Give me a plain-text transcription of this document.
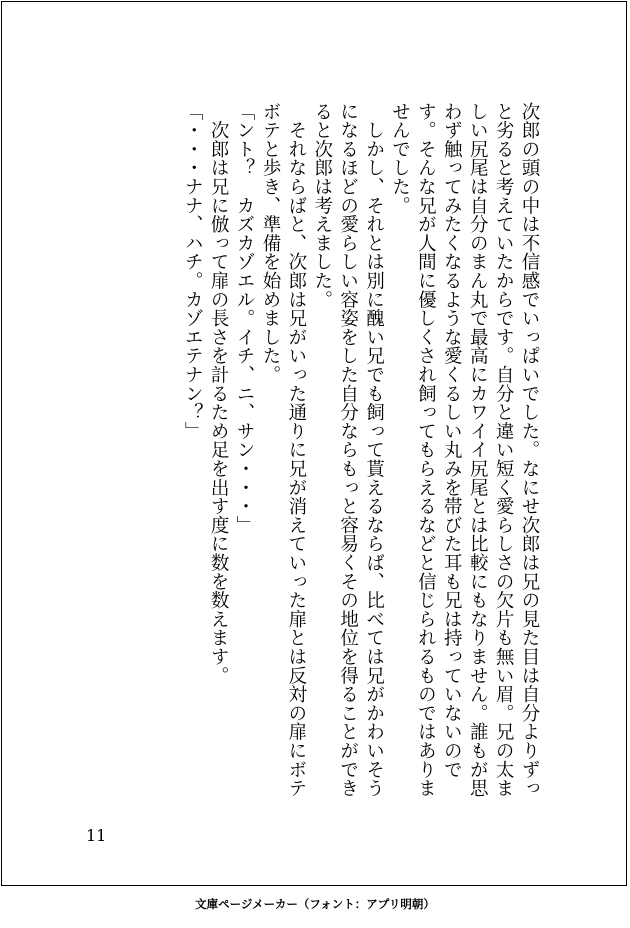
次郎の頭の中は不信感でいっぱいでした。なにせ次郎は兄の見た目は自分よりずっと劣ると考えていたからです。自分と違い短く愛らしさの欠片も無い眉。兄の太ましい尻尾は自分のまん丸で最高にカワイイ尻尾とは比較にもなりません。誰もが思わず触ってみたくなるような愛くるしい丸みを帯びた耳も兄は持っていないのです。そんな兄が人間に優しくされ飼ってもらえるなどと信じられるものではありませんでした。

　しかし、それとは別に醜い兄でも飼って貰えるならば、比べては兄がかわいそうになるほどの愛らしい容姿をした自分ならもっと容易くその地位を得ることができると次郎は考えました。

　それならばと、次郎は兄がいった通りに兄が消えていった扉とは反対の扉にボテボテと歩き、準備を始めました。

「ント？　カズカゾエル。イチ、ニ、サン・・・」

　次郎は兄に倣って扉の長さを計るため足を出す度に数を数えます。

「・・・ナナ、ハチ。カゾエテナン？」

11
文庫ページメーカー（フォント：アプリ明朝）
